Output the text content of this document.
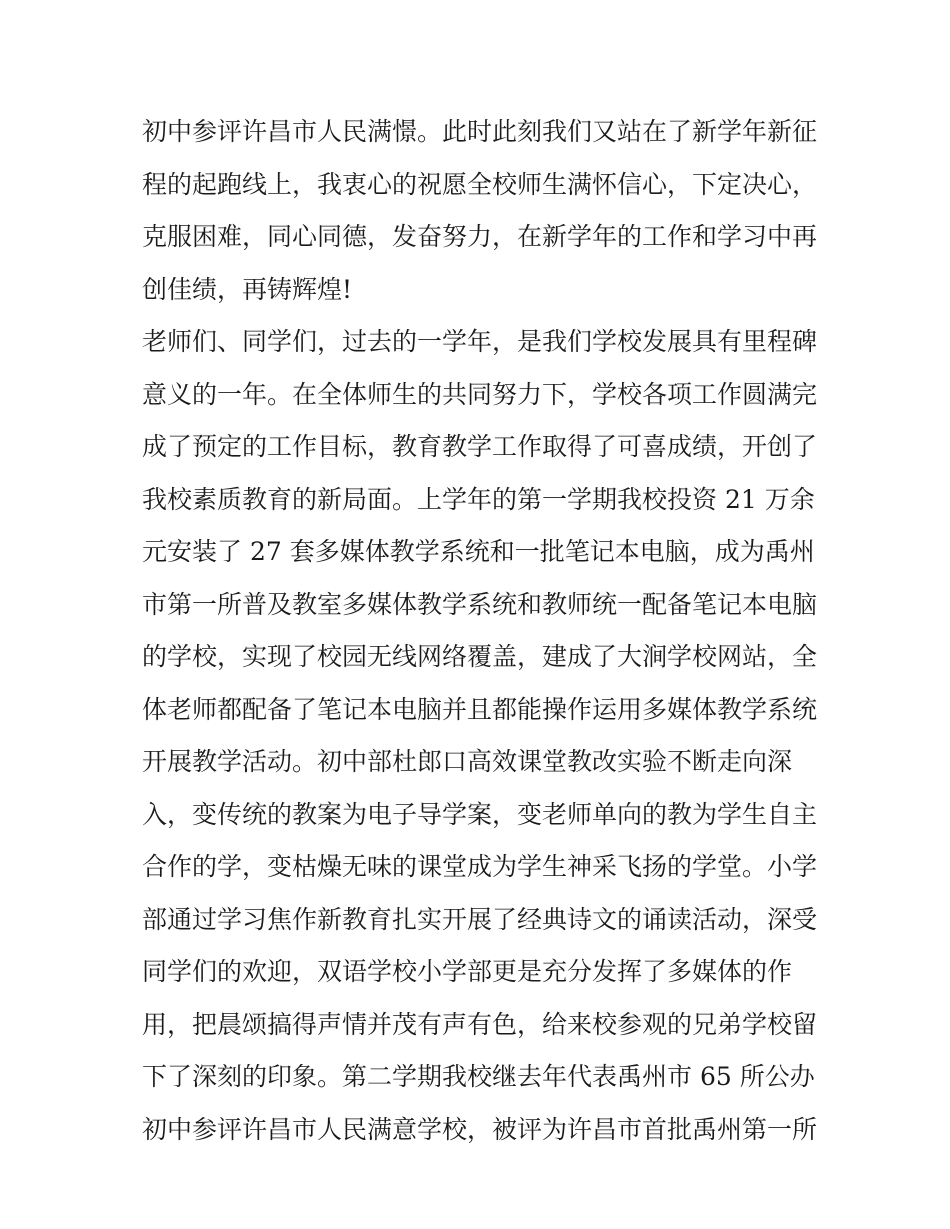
初中参评许昌市人民满憬。此时此刻我们又站在了新学年新征
程的起跑线上，我衷心的祝愿全校师生满怀信心，下定决心，
克服困难，同心同德，发奋努力，在新学年的工作和学习中再
创佳绩，再铸辉煌!
老师们、同学们，过去的一学年，是我们学校发展具有里程碑
意义的一年。在全体师生的共同努力下，学校各项工作圆满完
成了预定的工作目标，教育教学工作取得了可喜成绩，开创了
我校素质教育的新局面。上学年的第一学期我校投资 21 万余
元安装了 27 套多媒体教学系统和一批笔记本电脑，成为禹州
市第一所普及教室多媒体教学系统和教师统一配备笔记本电脑
的学校，实现了校园无线网络覆盖，建成了大涧学校网站，全
体老师都配备了笔记本电脑并且都能操作运用多媒体教学系统
开展教学活动。初中部杜郎口高效课堂教改实验不断走向深
入，变传统的教案为电子导学案，变老师单向的教为学生自主
合作的学，变枯燥无味的课堂成为学生神采飞扬的学堂。小学
部通过学习焦作新教育扎实开展了经典诗文的诵读活动，深受
同学们的欢迎，双语学校小学部更是充分发挥了多媒体的作
用，把晨颂搞得声情并茂有声有色，给来校参观的兄弟学校留
下了深刻的印象。第二学期我校继去年代表禹州市 65 所公办
初中参评许昌市人民满意学校，被评为许昌市首批禹州第一所
